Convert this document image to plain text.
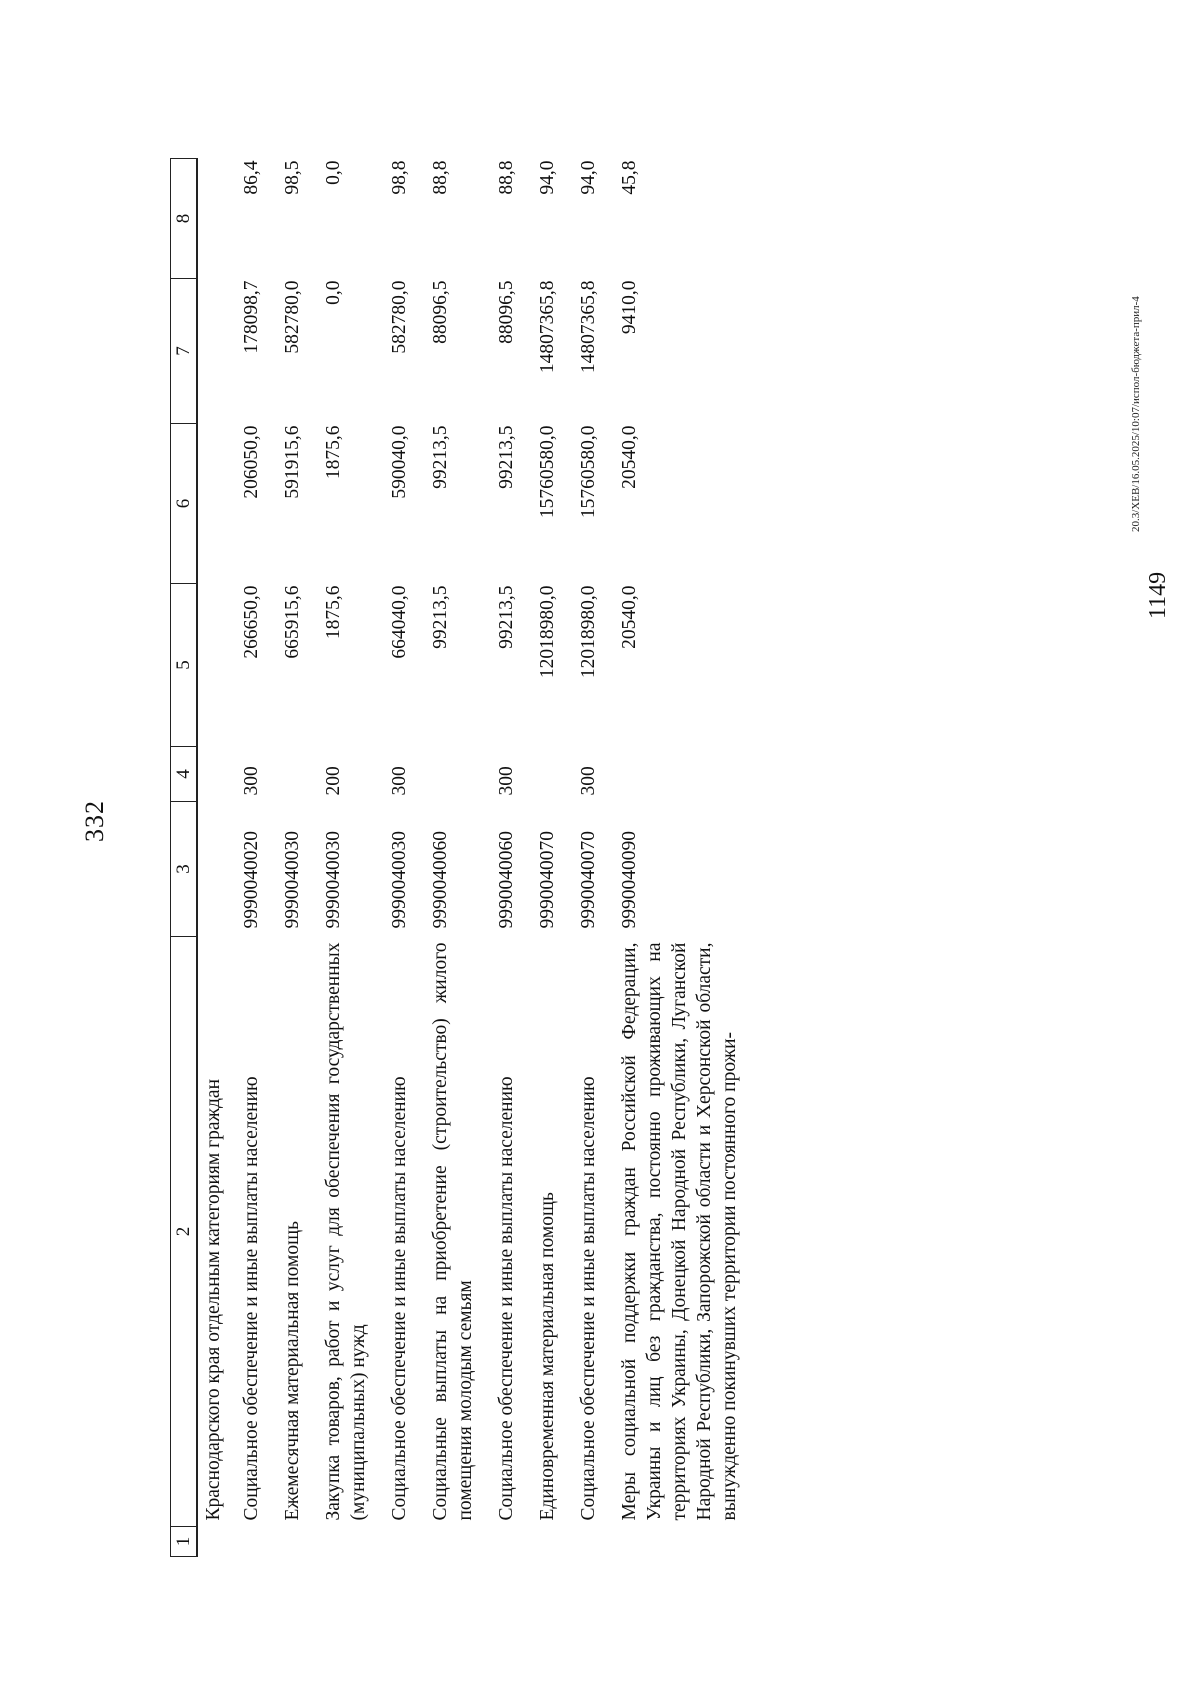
332
20.3/XEB/16.05.2025/10:07/испол-бюджета-прил-4
1149
1	2	3	4	5	6	7	8
	Краснодарского края отдельным категориям граждан						
	Социальное обеспечение и иные выплаты населению	9990040020	300	266650,0	206050,0	178098,7	86,4
	Ежемесячная материальная помощь	9990040030		665915,6	591915,6	582780,0	98,5
	Закупка товаров, работ и услуг для обеспечения государственных (муниципальных) нужд	9990040030	200	1875,6	1875,6	0,0	0,0
	Социальное обеспечение и иные выплаты населению	9990040030	300	664040,0	590040,0	582780,0	98,8
	Социальные выплаты на приобретение (строительство) жилого помещения молодым семьям	9990040060		99213,5	99213,5	88096,5	88,8
	Социальное обеспечение и иные выплаты населению	9990040060	300	99213,5	99213,5	88096,5	88,8
	Единовременная материальная помощь	9990040070		12018980,0	15760580,0	14807365,8	94,0
	Социальное обеспечение и иные выплаты населению	9990040070	300	12018980,0	15760580,0	14807365,8	94,0
	Меры социальной поддержки граждан Российской Федерации, Украины и лиц без гражданства, постоянно проживающих на территориях Украины, Донецкой Народной Республики, Луганской Народной Республики, Запорожской области и Херсонской области, вынужденно покинувших территории постоянного прожи-	9990040090		20540,0	20540,0	9410,0	45,8
